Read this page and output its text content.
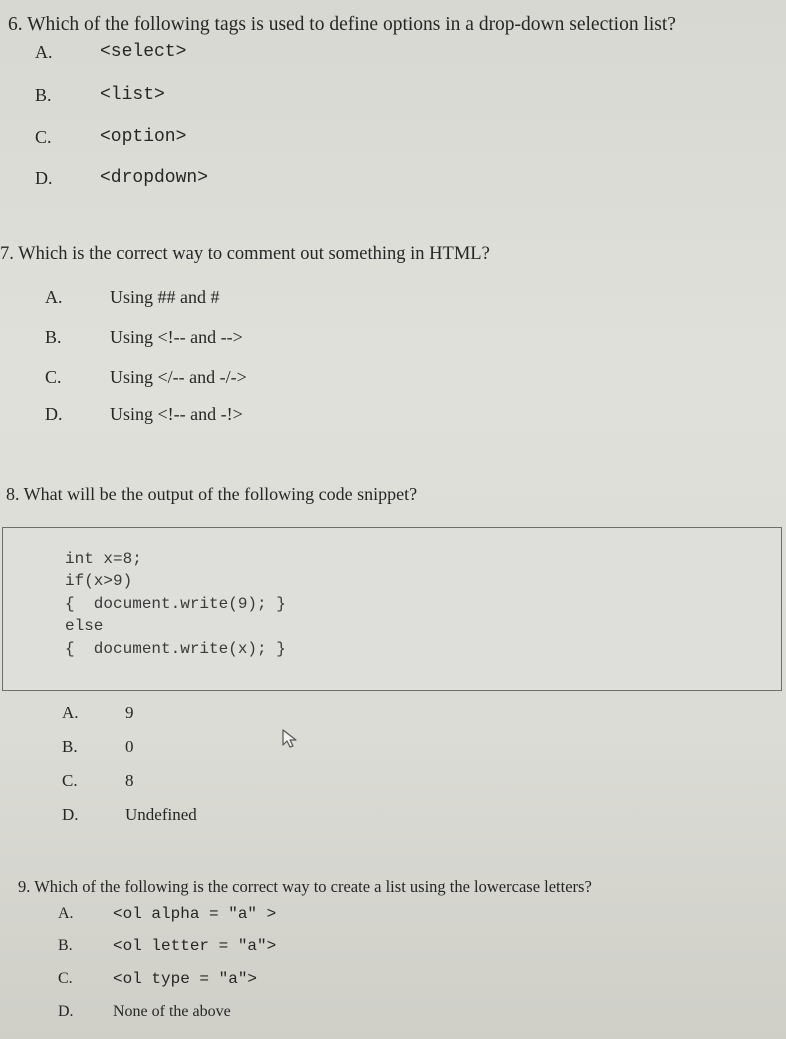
6. Which of the following tags is used to define options in a drop-down selection list?
A.	<select>
B.	<list>
C.	<option>
D.	<dropdown>
7. Which is the correct way to comment out something in HTML?
A.	Using ## and #
B.	Using <!-- and -->
C.	Using </-- and -/->
D.	Using <!-- and -!>
8. What will be the output of the following code snippet?
int x=8;
if(x>9)
{  document.write(9); }
else
{  document.write(x); }
A.	9
B.	0
C.	8
D.	Undefined
9. Which of the following is the correct way to create a list using the lowercase letters?
A. <ol alpha = "a" >
B.	<ol letter = "a">
C.	<ol type = "a">
D. None of the above
